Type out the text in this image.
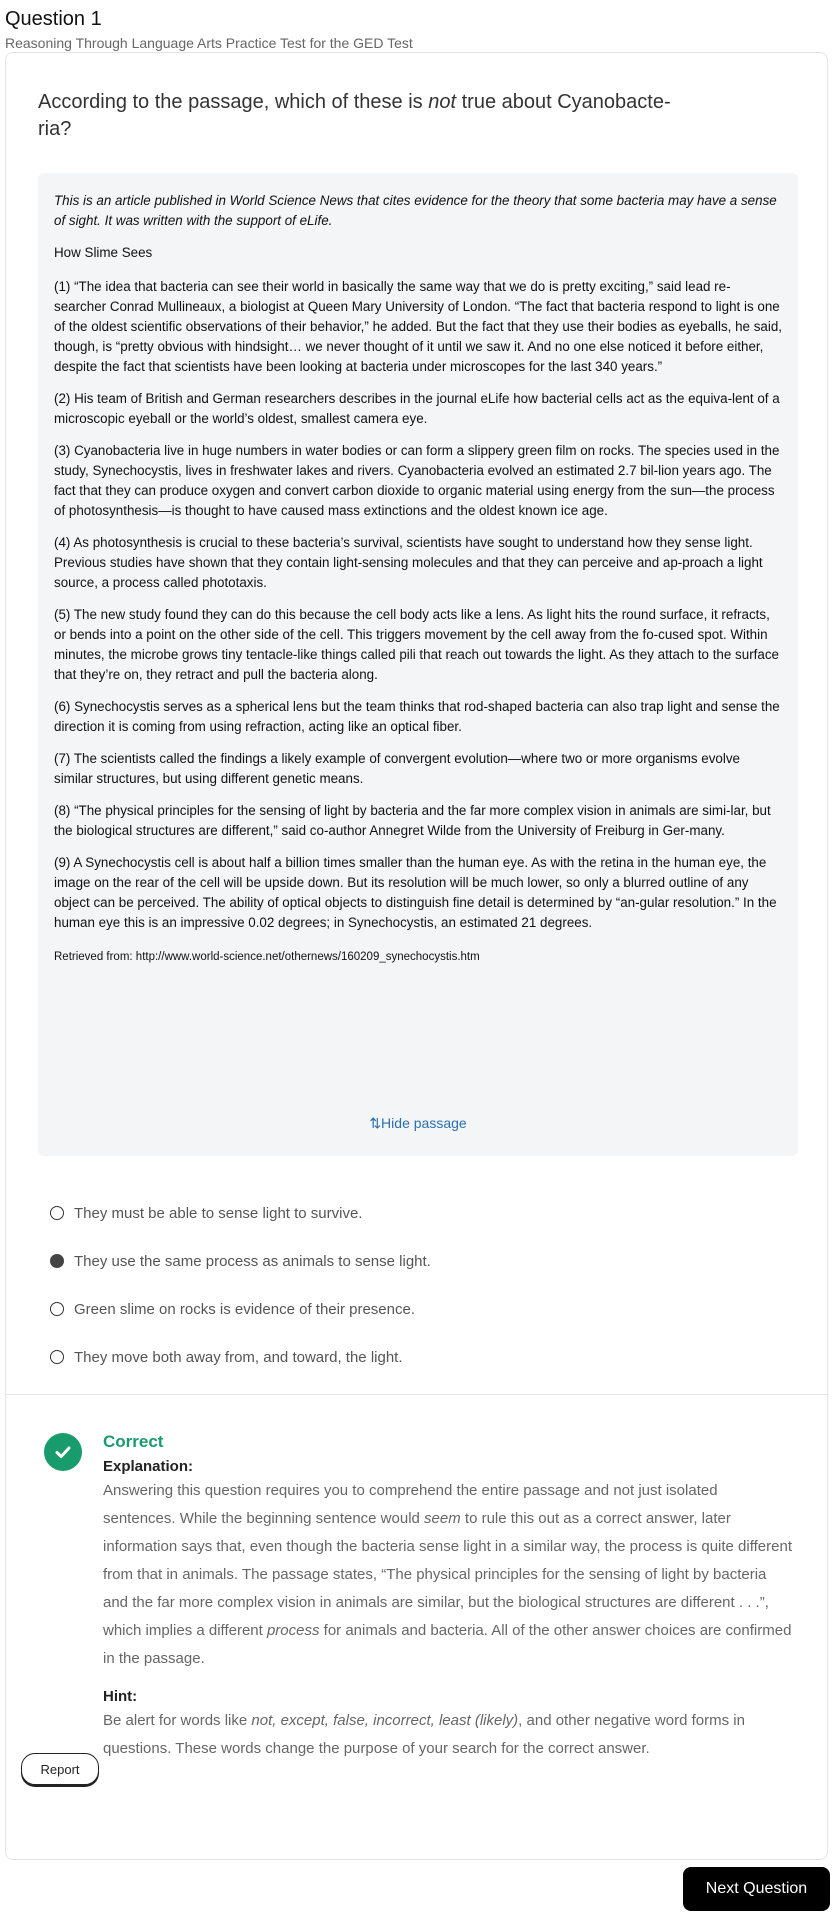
Question 1
Reasoning Through Language Arts Practice Test for the GED Test
According to the passage, which of these is not true about Cyanobacte-ria?

This is an article published in World Science News that cites evidence for the theory that some bacteria may have a sense of sight. It was written with the support of eLife.

How Slime Sees

(1) “The idea that bacteria can see their world in basically the same way that we do is pretty exciting,” said lead re-searcher Conrad Mullineaux, a biologist at Queen Mary University of London. “The fact that bacteria respond to light is one of the oldest scientific observations of their behavior,” he added. But the fact that they use their bodies as eyeballs, he said, though, is “pretty obvious with hindsight… we never thought of it until we saw it. And no one else noticed it before either, despite the fact that scientists have been looking at bacteria under microscopes for the last 340 years.”

(2) His team of British and German researchers describes in the journal eLife how bacterial cells act as the equiva-lent of a microscopic eyeball or the world’s oldest, smallest camera eye.

(3) Cyanobacteria live in huge numbers in water bodies or can form a slippery green film on rocks. The species used in the study, Synechocystis, lives in freshwater lakes and rivers. Cyanobacteria evolved an estimated 2.7 bil-lion years ago. The fact that they can produce oxygen and convert carbon dioxide to organic material using energy from the sun—the process of photosynthesis—is thought to have caused mass extinctions and the oldest known ice age.

(4) As photosynthesis is crucial to these bacteria’s survival, scientists have sought to understand how they sense light. Previous studies have shown that they contain light-sensing molecules and that they can perceive and ap-proach a light source, a process called phototaxis.

(5) The new study found they can do this because the cell body acts like a lens. As light hits the round surface, it refracts, or bends into a point on the other side of the cell. This triggers movement by the cell away from the fo-cused spot. Within minutes, the microbe grows tiny tentacle-like things called pili that reach out towards the light. As they attach to the surface that they’re on, they retract and pull the bacteria along.

(6) Synechocystis serves as a spherical lens but the team thinks that rod-shaped bacteria can also trap light and sense the direction it is coming from using refraction, acting like an optical fiber.

(7) The scientists called the findings a likely example of convergent evolution—where two or more organisms evolve similar structures, but using different genetic means.

(8) “The physical principles for the sensing of light by bacteria and the far more complex vision in animals are simi-lar, but the biological structures are different,” said co-author Annegret Wilde from the University of Freiburg in Ger-many.

(9) A Synechocystis cell is about half a billion times smaller than the human eye. As with the retina in the human eye, the image on the rear of the cell will be upside down. But its resolution will be much lower, so only a blurred outline of any object can be perceived. The ability of optical objects to distinguish fine detail is determined by “an-gular resolution.” In the human eye this is an impressive 0.02 degrees; in Synechocystis, an estimated 21 degrees.

Retrieved from: http://www.world-science.net/othernews/160209_synechocystis.htm

⇅Hide passage
They must be able to sense light to survive.
They use the same process as animals to sense light.
Green slime on rocks is evidence of their presence.
They move both away from, and toward, the light.
Correct
Explanation:
Answering this question requires you to comprehend the entire passage and not just isolated sentences. While the beginning sentence would seem to rule this out as a correct answer, later information says that, even though the bacteria sense light in a similar way, the process is quite different from that in animals. The passage states, “The physical principles for the sensing of light by bacteria and the far more complex vision in animals are similar, but the biological structures are different . . .”, which implies a different process for animals and bacteria. All of the other answer choices are confirmed in the passage.
Hint:
Be alert for words like not, except, false, incorrect, least (likely), and other negative word forms in questions. These words change the purpose of your search for the correct answer.
Report
Next Question
